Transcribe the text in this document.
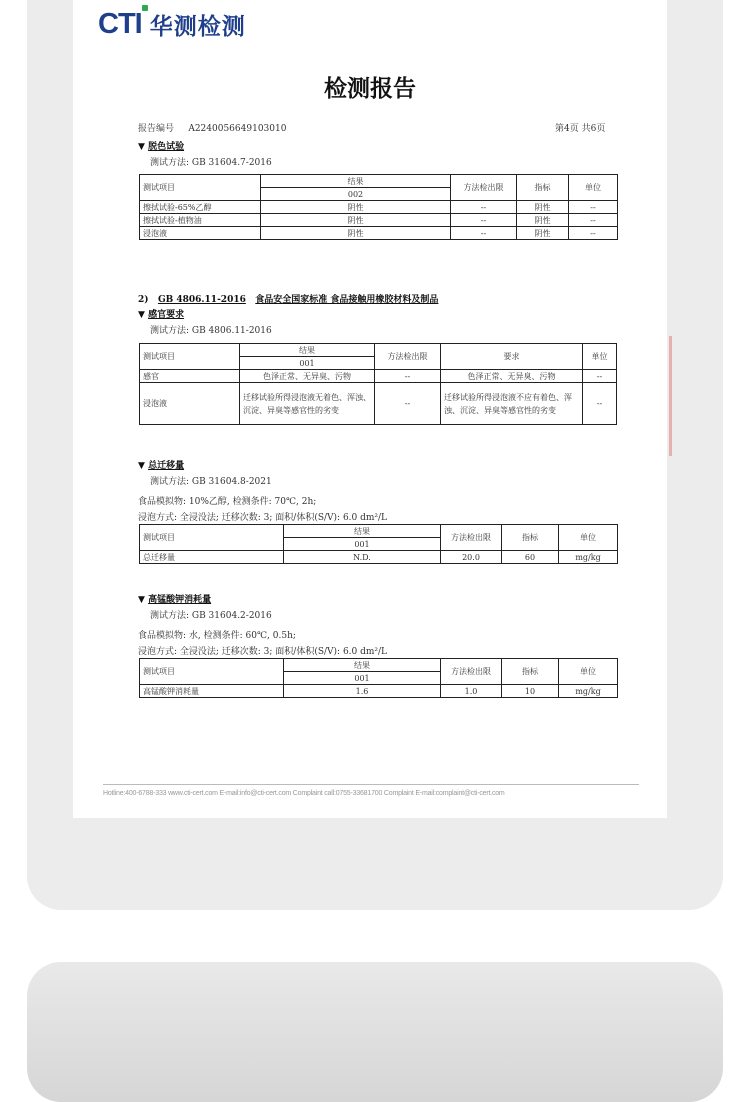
CTI 华测检测
检测报告
报告编号 A2240056649103010	第4页 共6页
▼ 脱色试验
测试方法: GB 31604.7-2016
测试项目	结果	方法检出限	指标	单位
	002			
擦拭试验-65%乙醇	阴性	--	阴性	--
擦拭试验-植物油	阴性	--	阴性	--
浸泡液	阴性	--	阴性	--
2) GB 4806.11-2016 食品安全国家标准 食品接触用橡胶材料及制品
▼ 感官要求
测试方法: GB 4806.11-2016
测试项目	结果	方法检出限	要求	单位
	001			
感官	色泽正常、无异臭、污物	--	色泽正常、无异臭、污物	--
浸泡液	迁移试验所得浸泡液无着色、浑浊、沉淀、异臭等感官性的劣变	--	迁移试验所得浸泡液不应有着色、浑浊、沉淀、异臭等感官性的劣变	--
▼ 总迁移量
测试方法: GB 31604.8-2021
食品模拟物: 10%乙醇, 检测条件: 70℃, 2h;
浸泡方式: 全浸没法; 迁移次数: 3; 面积/体积(S/V): 6.0 dm²/L
测试项目	结果	方法检出限	指标	单位
	001			
总迁移量	N.D.	20.0	60	mg/kg
▼ 高锰酸钾消耗量
测试方法: GB 31604.2-2016
食品模拟物: 水, 检测条件: 60℃, 0.5h;
浸泡方式: 全浸没法; 迁移次数: 3; 面积/体积(S/V): 6.0 dm²/L
测试项目	结果	方法检出限	指标	单位
	001			
高锰酸钾消耗量	1.6	1.0	10	mg/kg
Hotline:400-6788-333 www.cti-cert.com E-mail:info@cti-cert.com Complaint call:0755-33681700 Complaint E-mail:complaint@cti-cert.com
